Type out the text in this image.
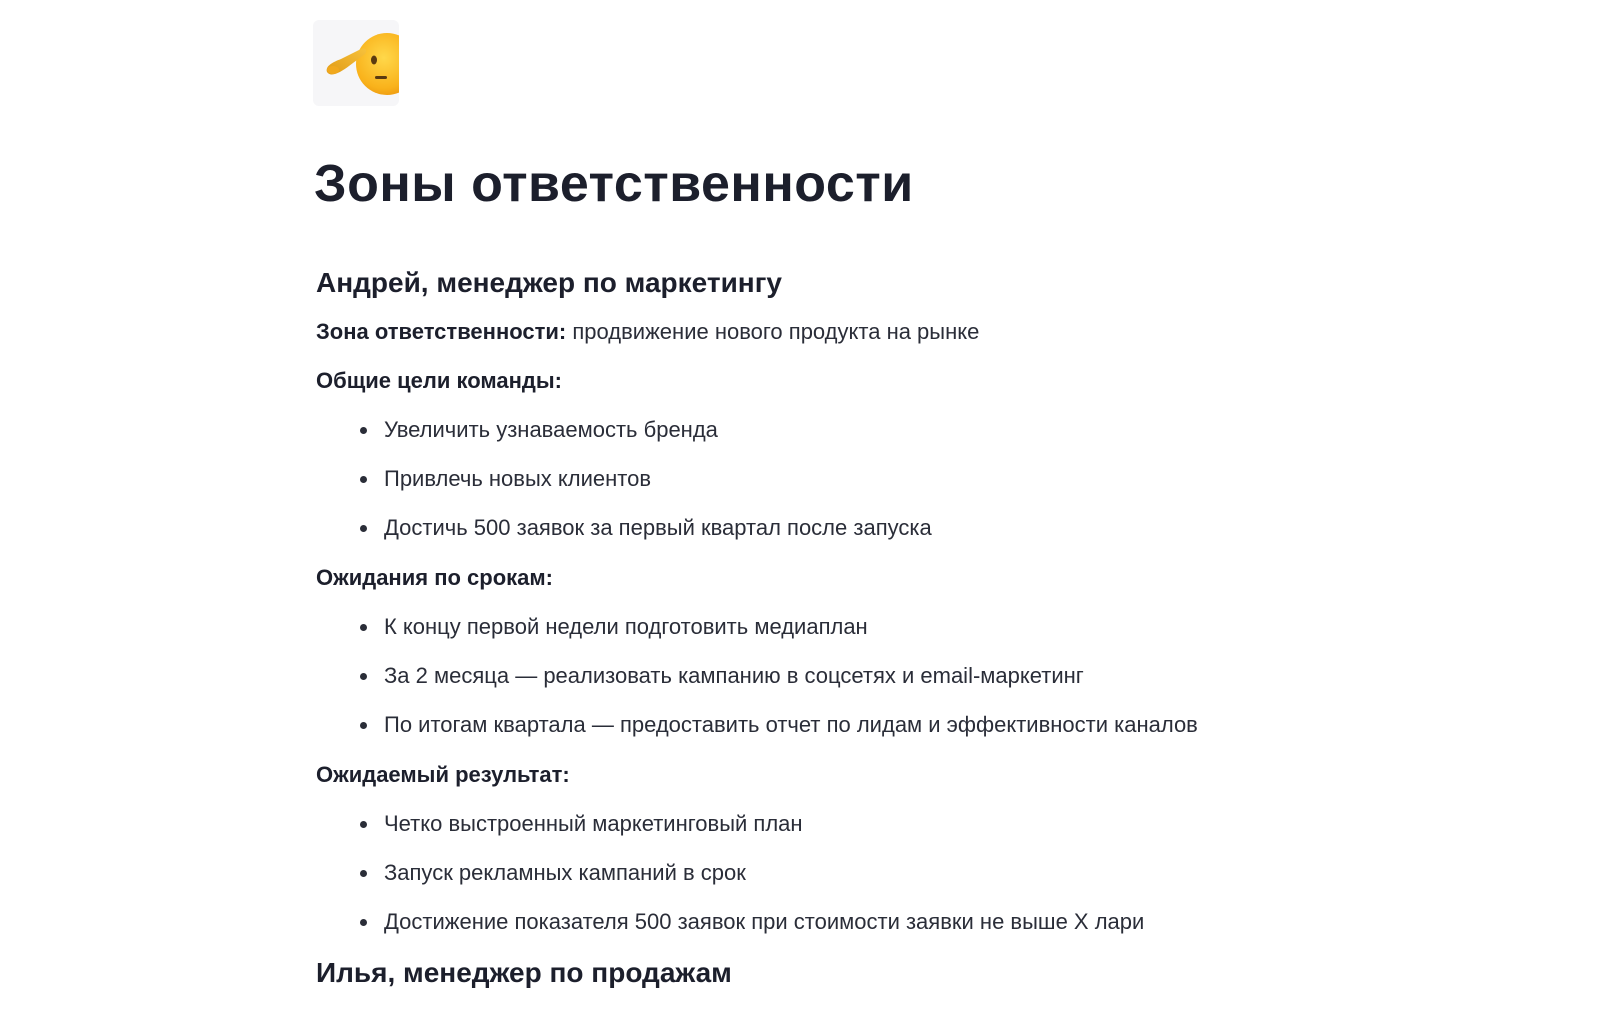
Зоны ответственности
Андрей, менеджер по маркетингу
Зона ответственности: продвижение нового продукта на рынке
Общие цели команды:
Увеличить узнаваемость бренда
Привлечь новых клиентов
Достичь 500 заявок за первый квартал после запуска
Ожидания по срокам:
К концу первой недели подготовить медиаплан
За 2 месяца — реализовать кампанию в соцсетях и email-маркетинг
По итогам квартала — предоставить отчет по лидам и эффективности каналов
Ожидаемый результат:
Четко выстроенный маркетинговый план
Запуск рекламных кампаний в срок
Достижение показателя 500 заявок при стоимости заявки не выше X лари
Илья, менеджер по продажам
